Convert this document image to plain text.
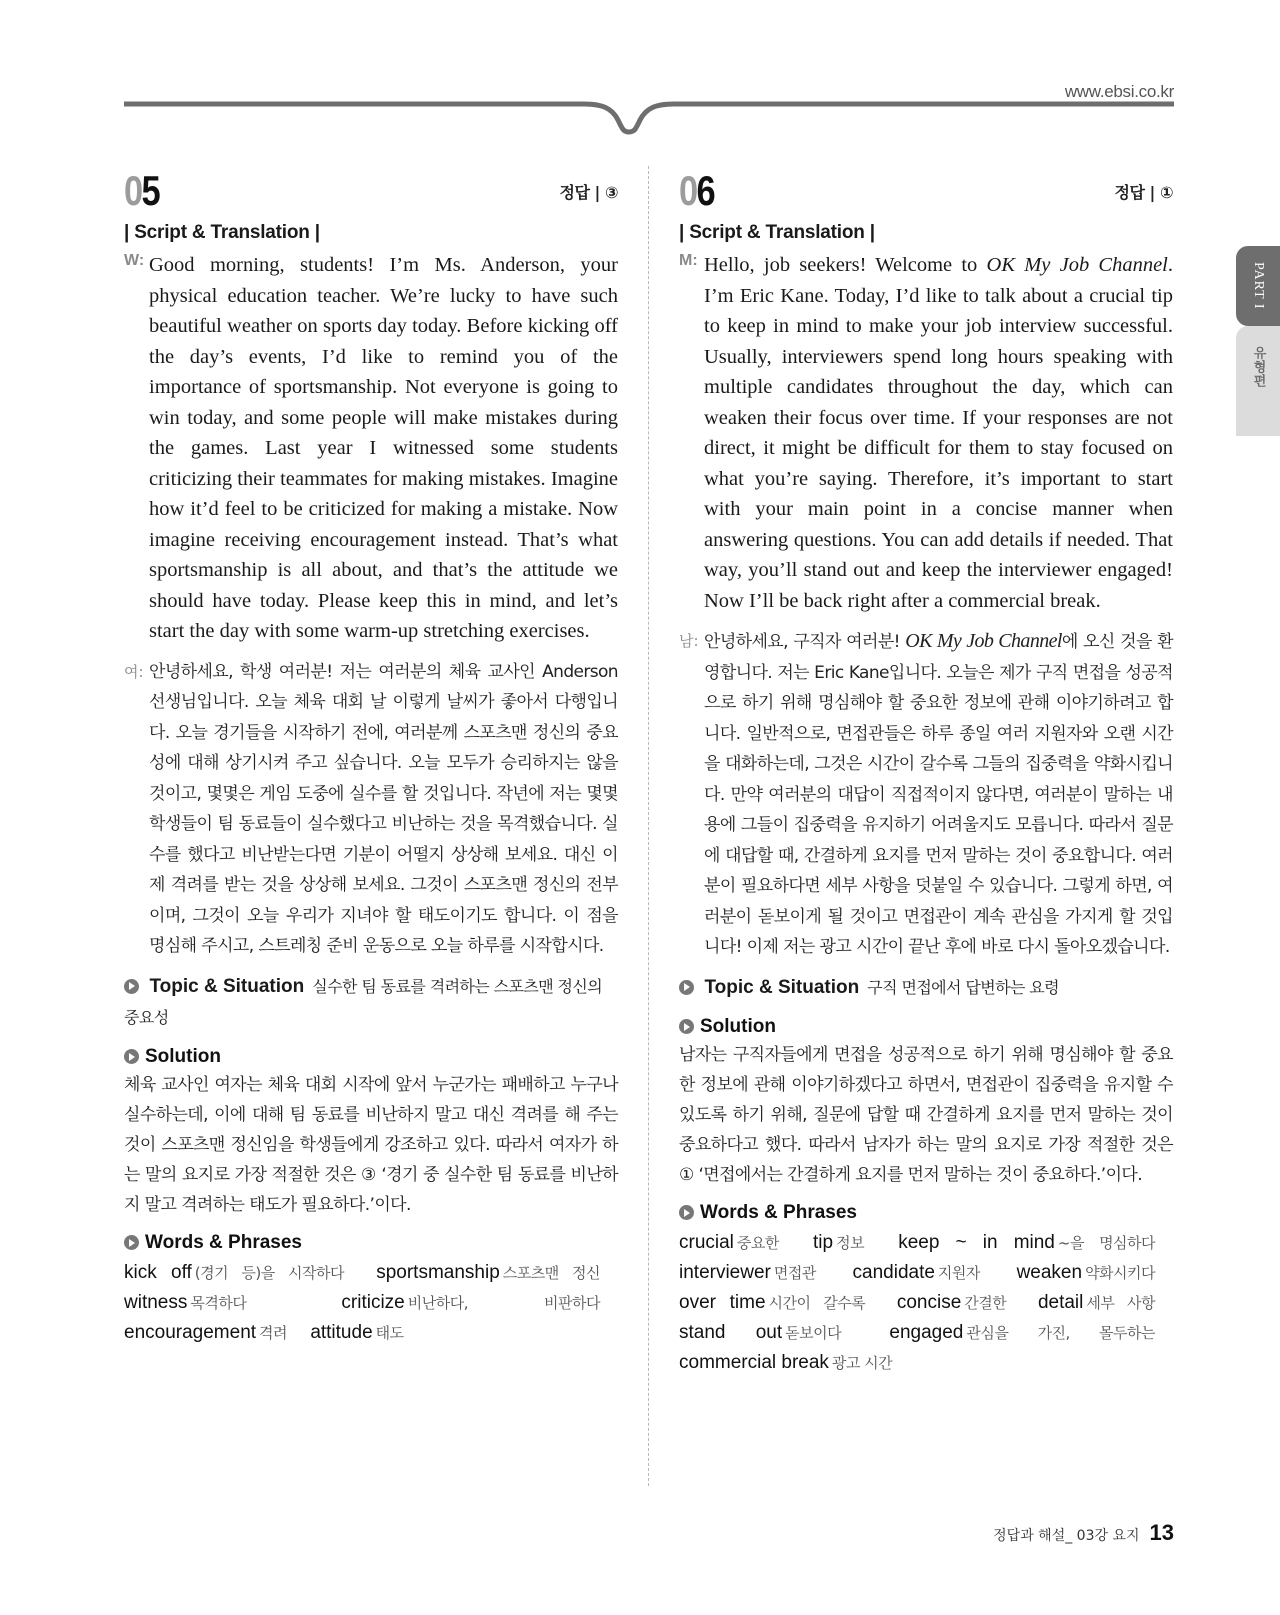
www.ebsi.co.kr
05	정답 | ③
| Script & Translation |
W: Good morning, students! I’m Ms. Anderson, your physical education teacher. We’re lucky to have such beautiful weather on sports day today. Before kicking off the day’s events, I’d like to remind you of the importance of sportsmanship. Not everyone is going to win today, and some people will make mistakes during the games. Last year I witnessed some students criticizing their teammates for making mistakes. Imagine how it’d feel to be criticized for making a mistake. Now imagine receiving encouragement instead. That’s what sportsmanship is all about, and that’s the attitude we should have today. Please keep this in mind, and let’s start the day with some warm-up stretching exercises.

여: 안녕하세요, 학생 여러분! 저는 여러분의 체육 교사인 Anderson 선생님입니다. 오늘 체육 대회 날 이렇게 날씨가 좋아서 다행입니다. 오늘 경기들을 시작하기 전에, 여러분께 스포츠맨 정신의 중요성에 대해 상기시켜 주고 싶습니다. 오늘 모두가 승리하지는 않을 것이고, 몇몇은 게임 도중에 실수를 할 것입니다. 작년에 저는 몇몇 학생들이 팀 동료들이 실수했다고 비난하는 것을 목격했습니다. 실수를 했다고 비난받는다면 기분이 어떨지 상상해 보세요. 대신 이제 격려를 받는 것을 상상해 보세요. 그것이 스포츠맨 정신의 전부이며, 그것이 오늘 우리가 지녀야 할 태도이기도 합니다. 이 점을 명심해 주시고, 스트레칭 준비 운동으로 오늘 하루를 시작합시다.

Topic & Situation 실수한 팀 동료를 격려하는 스포츠맨 정신의 중요성
Solution

체육 교사인 여자는 체육 대회 시작에 앞서 누군가는 패배하고 누구나 실수하는데, 이에 대해 팀 동료를 비난하지 말고 대신 격려를 해 주는 것이 스포츠맨 정신임을 학생들에게 강조하고 있다. 따라서 여자가 하는 말의 요지로 가장 적절한 것은 ③ ‘경기 중 실수한 팀 동료를 비난하지 말고 격려하는 태도가 필요하다.’이다.

Words & Phrases
kick off (경기 등)을 시작하다 sportsmanship 스포츠맨 정신 witness 목격하다	criticize 비난하다, 비판하다 encouragement 격려 attitude 태도
06	정답 | ①
| Script & Translation |
M: Hello, job seekers! Welcome to OK My Job Channel. I’m Eric Kane. Today, I’d like to talk about a crucial tip to keep in mind to make your job interview successful. Usually, interviewers spend long hours speaking with multiple candidates throughout the day, which can weaken their focus over time. If your responses are not direct, it might be difficult for them to stay focused on what you’re saying. Therefore, it’s important to start with your main point in a concise manner when answering questions. You can add details if needed. That way, you’ll stand out and keep the interviewer engaged! Now I’ll be back right after a commercial break.

남: 안녕하세요, 구직자 여러분! OK My Job Channel에 오신 것을 환영합니다. 저는 Eric Kane입니다. 오늘은 제가 구직 면접을 성공적으로 하기 위해 명심해야 할 중요한 정보에 관해 이야기하려고 합니다. 일반적으로, 면접관들은 하루 종일 여러 지원자와 오랜 시간을 대화하는데, 그것은 시간이 갈수록 그들의 집중력을 약화시킵니다. 만약 여러분의 대답이 직접적이지 않다면, 여러분이 말하는 내용에 그들이 집중력을 유지하기 어려울지도 모릅니다. 따라서 질문에 대답할 때, 간결하게 요지를 먼저 말하는 것이 중요합니다. 여러분이 필요하다면 세부 사항을 덧붙일 수 있습니다. 그렇게 하면, 여러분이 돋보이게 될 것이고 면접관이 계속 관심을 가지게 할 것입니다! 이제 저는 광고 시간이 끝난 후에 바로 다시 돌아오겠습니다.

Topic & Situation 구직 면접에서 답변하는 요령
Solution

남자는 구직자들에게 면접을 성공적으로 하기 위해 명심해야 할 중요한 정보에 관해 이야기하겠다고 하면서, 면접관이 집중력을 유지할 수 있도록 하기 위해, 질문에 답할 때 간결하게 요지를 먼저 말하는 것이 중요하다고 했다. 따라서 남자가 하는 말의 요지로 가장 적절한 것은 ① ‘면접에서는 간결하게 요지를 먼저 말하는 것이 중요하다.’이다.

Words & Phrases
crucial 중요한 tip 정보 keep ~ in mind ~을 명심하다 interviewer 면접관 candidate 지원자 weaken 약화시키다 over time 시간이 갈수록 concise 간결한 detail 세부 사항 stand out 돋보이다	engaged 관심을 가진, 몰두하는 commercial break 광고 시간
PART I
유형편
정답과 해설_ 03강 요지 13
